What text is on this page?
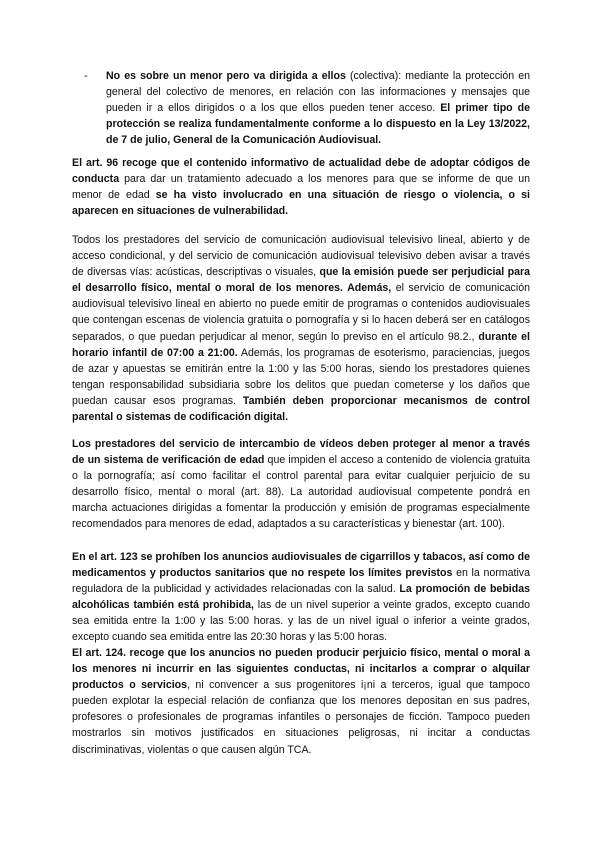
- No es sobre un menor pero va dirigida a ellos (colectiva): mediante la protección en general del colectivo de menores, en relación con las informaciones y mensajes que pueden ir a ellos dirigidos o a los que ellos pueden tener acceso. El primer tipo de protección se realiza fundamentalmente conforme a lo dispuesto en la Ley 13/2022, de 7 de julio, General de la Comunicación Audiovisual.

El art. 96 recoge que el contenido informativo de actualidad debe de adoptar códigos de conducta para dar un tratamiento adecuado a los menores para que se informe de que un menor de edad se ha visto involucrado en una situación de riesgo o violencia, o si aparecen en situaciones de vulnerabilidad.

Todos los prestadores del servicio de comunicación audiovisual televisivo lineal, abierto y de acceso condicional, y del servicio de comunicación audiovisual televisivo deben avisar a través de diversas vías: acústicas, descriptivas o visuales, que la emisión puede ser perjudicial para el desarrollo físico, mental o moral de los menores. Además, el servicio de comunicación audiovisual televisivo lineal en abierto no puede emitir de programas o contenidos audiovisuales que contengan escenas de violencia gratuita o pornografía y si lo hacen deberá ser en catálogos separados, o que puedan perjudicar al menor, según lo previso en el artículo 98.2., durante el horario infantil de 07:00 a 21:00. Además, los programas de esoterismo, paraciencias, juegos de azar y apuestas se emitirán entre la 1:00 y las 5:00 horas, siendo los prestadores quienes tengan responsabilidad subsidiaria sobre los delitos que puedan cometerse y los daños que puedan causar esos programas. También deben proporcionar mecanismos de control parental o sistemas de codificación digital.

Los prestadores del servicio de intercambio de vídeos deben proteger al menor a través de un sistema de verificación de edad que impiden el acceso a contenido de violencia gratuita o la pornografía; así como facilitar el control parental para evitar cualquier perjuicio de su desarrollo físico, mental o moral (art. 88). La autoridad audiovisual competente pondrá en marcha actuaciones dirigidas a fomentar la producción y emisión de programas especialmente recomendados para menores de edad, adaptados a su características y bienestar (art. 100).

En el art. 123 se prohíben los anuncios audiovisuales de cigarrillos y tabacos, así como de medicamentos y productos sanitarios que no respete los límites previstos en la normativa reguladora de la publicidad y actividades relacionadas con la salud. La promoción de bebidas alcohólicas también está prohibida, las de un nivel superior a veinte grados, excepto cuando sea emitida entre la 1:00 y las 5:00 horas. y las de un nivel igual o inferior a veinte grados, excepto cuando sea emitida entre las 20:30 horas y las 5:00 horas.

El art. 124. recoge que los anuncios no pueden producir perjuicio físico, mental o moral a los menores ni incurrir en las siguientes conductas, ni incitarlos a comprar o alquilar productos o servicios, ni convencer a sus progenitores i¡ni a terceros, igual que tampoco pueden explotar la especial relación de confianza que los menores depositan en sus padres, profesores o profesionales de programas infantiles o personajes de ficción. Tampoco pueden mostrarlos sin motivos justificados en situaciones peligrosas, ni incitar a conductas discriminativas, violentas o que causen algún TCA.
